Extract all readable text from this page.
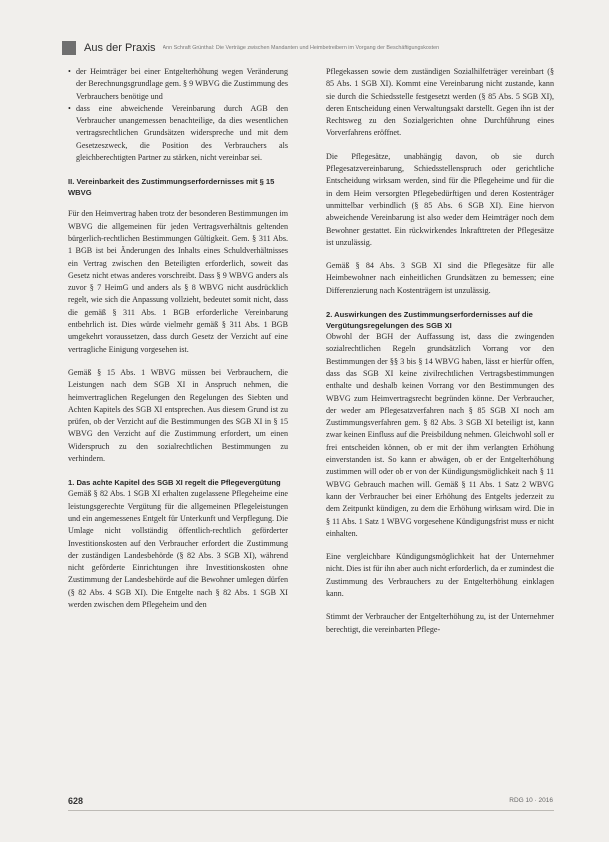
Aus der Praxis Ann Schraft Grünthal: Die Verträge zwischen Mandanten und Heimbetreibern im Vorgang der Beschäftigungskosten
• der Heimträger bei einer Entgelterhöhung wegen Veränderung der Berechnungsgrundlage gem. § 9 WBVG die Zustimmung des Verbrauchers benötige und
• dass eine abweichende Vereinbarung durch AGB den Verbraucher unangemessen benachteilige, da dies wesentlichen vertragsrechtlichen Grundsätzen widerspreche und mit dem Gesetzeszweck, die Position des Verbrauchers als gleichberechtigten Partner zu stärken, nicht vereinbar sei.
II. Vereinbarkeit des Zustimmungserfordernisses mit § 15 WBVG

Für den Heimvertrag haben trotz der besonderen Bestimmungen im WBVG die allgemeinen für jeden Vertragsverhältnis geltenden bürgerlich-rechtlichen Bestimmungen Gültigkeit. Gem. § 311 Abs. 1 BGB ist bei Änderungen des Inhalts eines Schuldverhältnisses ein Vertrag zwischen den Beteiligten erforderlich, soweit das Gesetz nicht etwas anderes vorschreibt. Dass § 9 WBVG anders als zuvor § 7 HeimG und anders als § 8 WBVG nicht ausdrücklich regelt, wie sich die Anpassung vollzieht, bedeutet somit nicht, dass die gemäß § 311 Abs. 1 BGB erforderliche Vereinbarung entbehrlich ist. Dies würde vielmehr gemäß § 311 Abs. 1 BGB umgekehrt voraussetzen, dass durch Gesetz der Verzicht auf eine vertragliche Einigung vorgesehen ist.

Gemäß § 15 Abs. 1 WBVG müssen bei Verbrauchern, die Leistungen nach dem SGB XI in Anspruch nehmen, die heimvertraglichen Regelungen den Regelungen des Siebten und Achten Kapitels des SGB XI entsprechen. Aus diesem Grund ist zu prüfen, ob der Verzicht auf die Bestimmungen des SGB XI in § 15 WBVG den Verzicht auf die Zustimmung erfordert, um einen Widerspruch zu den sozialrechtlichen Bestimmungen zu verhindern.

1. Das achte Kapitel des SGB XI regelt die Pflegevergütung

Gemäß § 82 Abs. 1 SGB XI erhalten zugelassene Pflegeheime eine leistungsgerechte Vergütung für die allgemeinen Pflegeleistungen und ein angemessenes Entgelt für Unterkunft und Verpflegung. Die Umlage nicht vollständig öffentlich-rechtlich geförderter Investitionskosten auf den Verbraucher erfordert die Zustimmung der zuständigen Landesbehörde (§ 82 Abs. 3 SGB XI), während nicht geförderte Einrichtungen ihre Investitionskosten ohne Zustimmung der Landesbehörde auf die Bewohner umlegen dürfen (§ 82 Abs. 4 SGB XI). Die Entgelte nach § 82 Abs. 1 SGB XI werden zwischen dem Pflegeheim und den

Pflegekassen sowie dem zuständigen Sozialhilfeträger vereinbart (§ 85 Abs. 1 SGB XI). Kommt eine Vereinbarung nicht zustande, kann sie durch die Schiedsstelle festgesetzt werden (§ 85 Abs. 5 SGB XI), deren Entscheidung einen Verwaltungsakt darstellt. Gegen ihn ist der Rechtsweg zu den Sozialgerichten ohne Durchführung eines Vorverfahrens eröffnet.

Die Pflegesätze, unabhängig davon, ob sie durch Pflegesatzvereinbarung, Schiedsstellenspruch oder gerichtliche Entscheidung wirksam werden, sind für die Pflegeheime und für die in dem Heim versorgten Pflegebedürftigen und deren Kostenträger unmittelbar verbindlich (§ 85 Abs. 6 SGB XI). Eine hiervon abweichende Vereinbarung ist also weder dem Heimträger noch dem Bewohner gestattet. Ein rückwirkendes Inkrafttreten der Pflegesätze ist unzulässig.

Gemäß § 84 Abs. 3 SGB XI sind die Pflegesätze für alle Heimbewohner nach einheitlichen Grundsätzen zu bemessen; eine Differenzierung nach Kostenträgern ist unzulässig.

2. Auswirkungen des Zustimmungserfordernisses auf die Vergütungsregelungen des SGB XI

Obwohl der BGH der Auffassung ist, dass die zwingenden sozialrechtlichen Regeln grundsätzlich Vorrang vor den Bestimmungen der §§ 3 bis § 14 WBVG haben, lässt er hierfür offen, dass das SGB XI keine zivilrechtlichen Vertragsbestimmungen enthalte und deshalb keinen Vorrang vor den Bestimmungen des WBVG zum Heimvertragsrecht begründen könne. Der Verbraucher, der weder am Pflegesatzverfahren nach § 85 SGB XI noch am Zustimmungsverfahren gem. § 82 Abs. 3 SGB XI beteiligt ist, kann zwar keinen Einfluss auf die Preisbildung nehmen. Gleichwohl soll er frei entscheiden können, ob er mit der ihm verlangten Erhöhung einverstanden ist. So kann er abwägen, ob er der Entgelterhöhung zustimmen will oder ob er von der Kündigungsmöglichkeit nach § 11 WBVG Gebrauch machen will. Gemäß § 11 Abs. 1 Satz 2 WBVG kann der Verbraucher bei einer Erhöhung des Entgelts jederzeit zu dem Zeitpunkt kündigen, zu dem die Erhöhung wirksam wird. Die in § 11 Abs. 1 Satz 1 WBVG vorgesehene Kündigungsfrist muss er nicht einhalten.

Eine vergleichbare Kündigungsmöglichkeit hat der Unternehmer nicht. Dies ist für ihn aber auch nicht erforderlich, da er zumindest die Zustimmung des Verbrauchers zu der Entgelterhöhung einklagen kann.

Stimmt der Verbraucher der Entgelterhöhung zu, ist der Unternehmer berechtigt, die vereinbarten Pflege-

628	RDG 10 · 2016
